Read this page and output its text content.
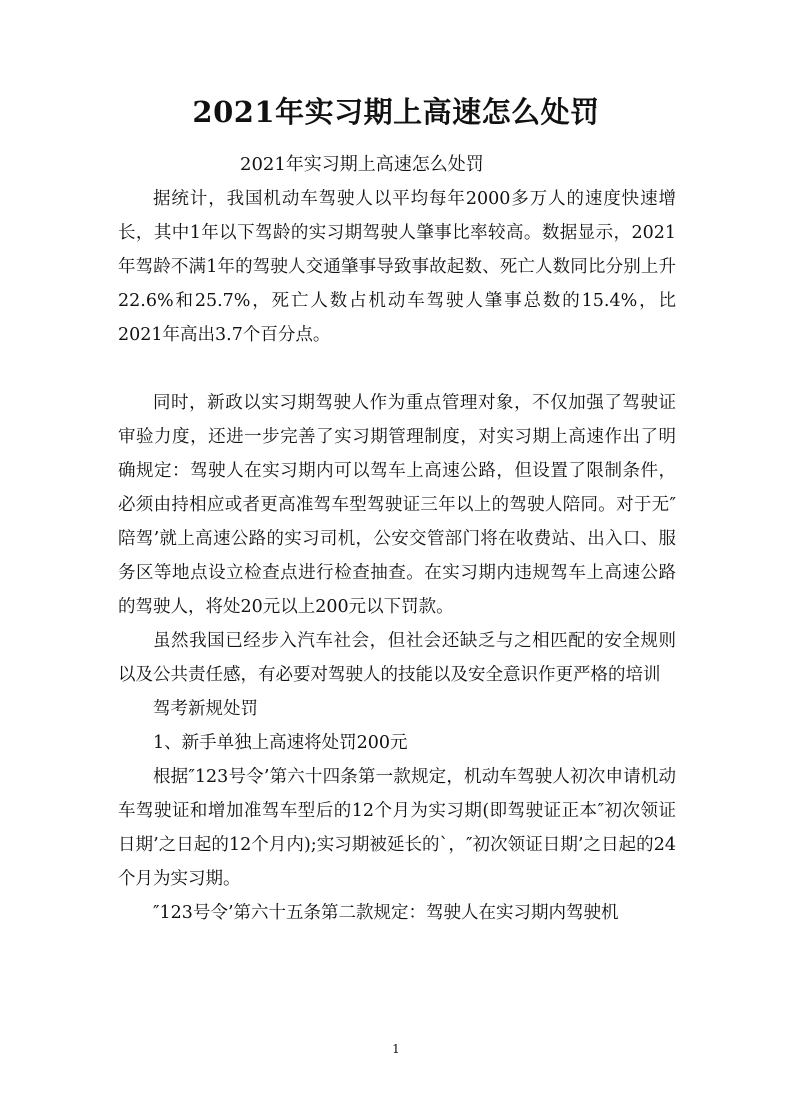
2021年实习期上高速怎么处罚
2021年实习期上高速怎么处罚

据统计，我国机动车驾驶人以平均每年2000多万人的速度快速增长，其中1年以下驾龄的实习期驾驶人肇事比率较高。数据显示，2021年驾龄不满1年的驾驶人交通肇事导致事故起数、死亡人数同比分别上升22.6%和25.7%，死亡人数占机动车驾驶人肇事总数的15.4%，比2021年高出3.7个百分点。

同时，新政以实习期驾驶人作为重点管理对象，不仅加强了驾驶证审验力度，还进一步完善了实习期管理制度，对实习期上高速作出了明确规定：驾驶人在实习期内可以驾车上高速公路，但设置了限制条件，必须由持相应或者更高准驾车型驾驶证三年以上的驾驶人陪同。对于无″陪驾’就上高速公路的实习司机，公安交管部门将在收费站、出入口、服务区等地点设立检查点进行检查抽查。在实习期内违规驾车上高速公路的驾驶人，将处20元以上200元以下罚款。

虽然我国已经步入汽车社会，但社会还缺乏与之相匹配的安全规则以及公共责任感，有必要对驾驶人的技能以及安全意识作更严格的培训

驾考新规处罚

1、新手单独上高速将处罚200元

根据″123号令’第六十四条第一款规定，机动车驾驶人初次申请机动车驾驶证和增加准驾车型后的12个月为实习期(即驾驶证正本″初次领证日期’之日起的12个月内);实习期被延长的`，″初次领证日期’之日起的24个月为实习期。

″123号令’第六十五条第二款规定：驾驶人在实习期内驾驶机

1
